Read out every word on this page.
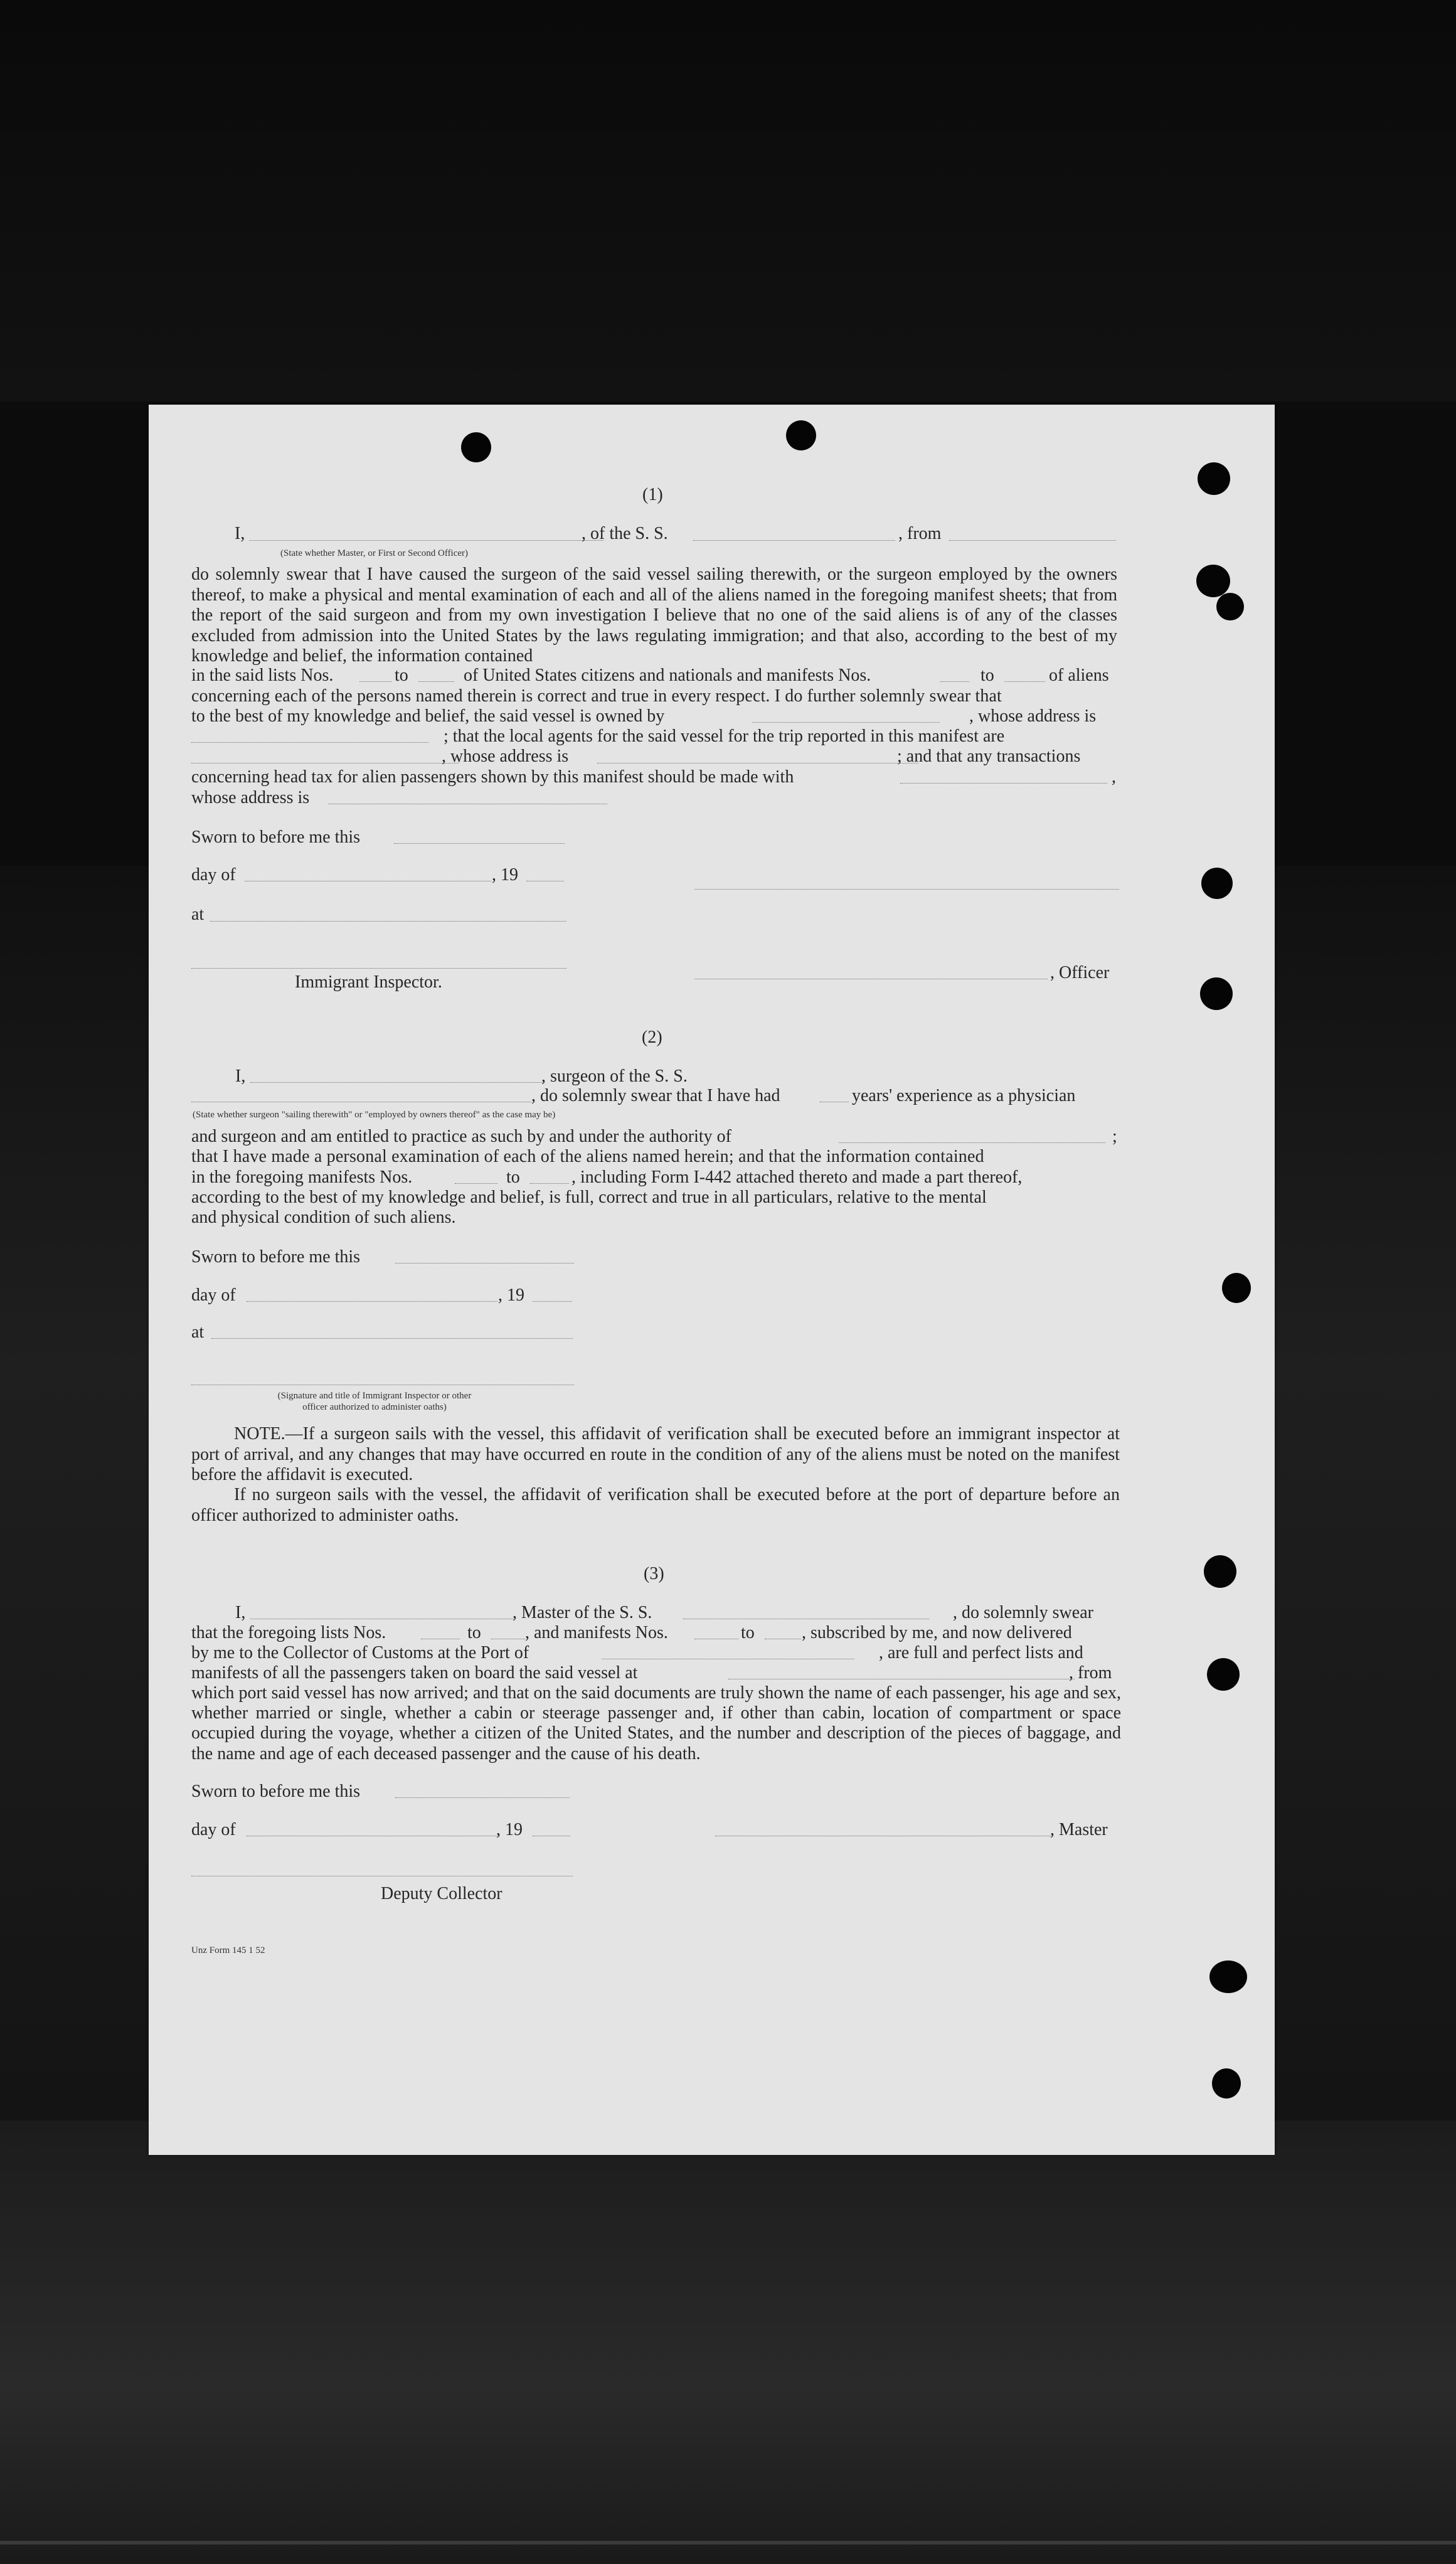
(1)
I,	, of the S. S.	, from
(State whether Master, or First or Second Officer)
do solemnly swear that I have caused the surgeon of the said vessel sailing therewith, or the surgeon employed by the owners thereof, to make a physical and mental examination of each and all of the aliens named in the foregoing manifest sheets; that from the report of the said surgeon and from my own investigation I believe that no one of the said aliens is of any of the classes excluded from admission into the United States by the laws regulating immigration; and that also, according to the best of my knowledge and belief, the information contained
in the said lists Nos.	to	of United States citizens and nationals and manifests Nos.	to	of aliens
concerning each of the persons named therein is correct and true in every respect. I do further solemnly swear that
to the best of my knowledge and belief, the said vessel is owned by	, whose address is
; that the local agents for the said vessel for the trip reported in this manifest are
, whose address is	; and that any transactions
concerning head tax for alien passengers shown by this manifest should be made with	,
whose address is
Sworn to before me this
day of	, 19
at
, Officer
Immigrant Inspector.
(2)
I,	, surgeon of the S. S.
, do solemnly swear that I have had	years' experience as a physician
(State whether surgeon "sailing therewith" or "employed by owners thereof" as the case may be)
and surgeon and am entitled to practice as such by and under the authority of	;
that I have made a personal examination of each of the aliens named herein; and that the information contained
in the foregoing manifests Nos.	to	, including Form I-442 attached thereto and made a part thereof,
according to the best of my knowledge and belief, is full, correct and true in all particulars, relative to the mental
and physical condition of such aliens.
Sworn to before me this
day of	, 19
at
(Signature and title of Immigrant Inspector or other
officer authorized to administer oaths)
NOTE.—If a surgeon sails with the vessel, this affidavit of verification shall be executed before an immigrant inspector at port of arrival, and any changes that may have occurred en route in the condition of any of the aliens must be noted on the manifest before the affidavit is executed.
If no surgeon sails with the vessel, the affidavit of verification shall be executed before at the port of departure before an officer authorized to administer oaths.
(3)
I,	, Master of the S. S.	, do solemnly swear
that the foregoing lists Nos.	to	, and manifests Nos.	to	, subscribed by me, and now delivered
by me to the Collector of Customs at the Port of	, are full and perfect lists and
manifests of all the passengers taken on board the said vessel at	, from
which port said vessel has now arrived; and that on the said documents are truly shown the name of each passenger, his age and sex, whether married or single, whether a cabin or steerage passenger and, if other than cabin, location of compartment or space occupied during the voyage, whether a citizen of the United States, and the number and description of the pieces of baggage, and the name and age of each deceased passenger and the cause of his death.
Sworn to before me this
day of	, 19	, Master
Deputy Collector
Unz Form 145 1 52
